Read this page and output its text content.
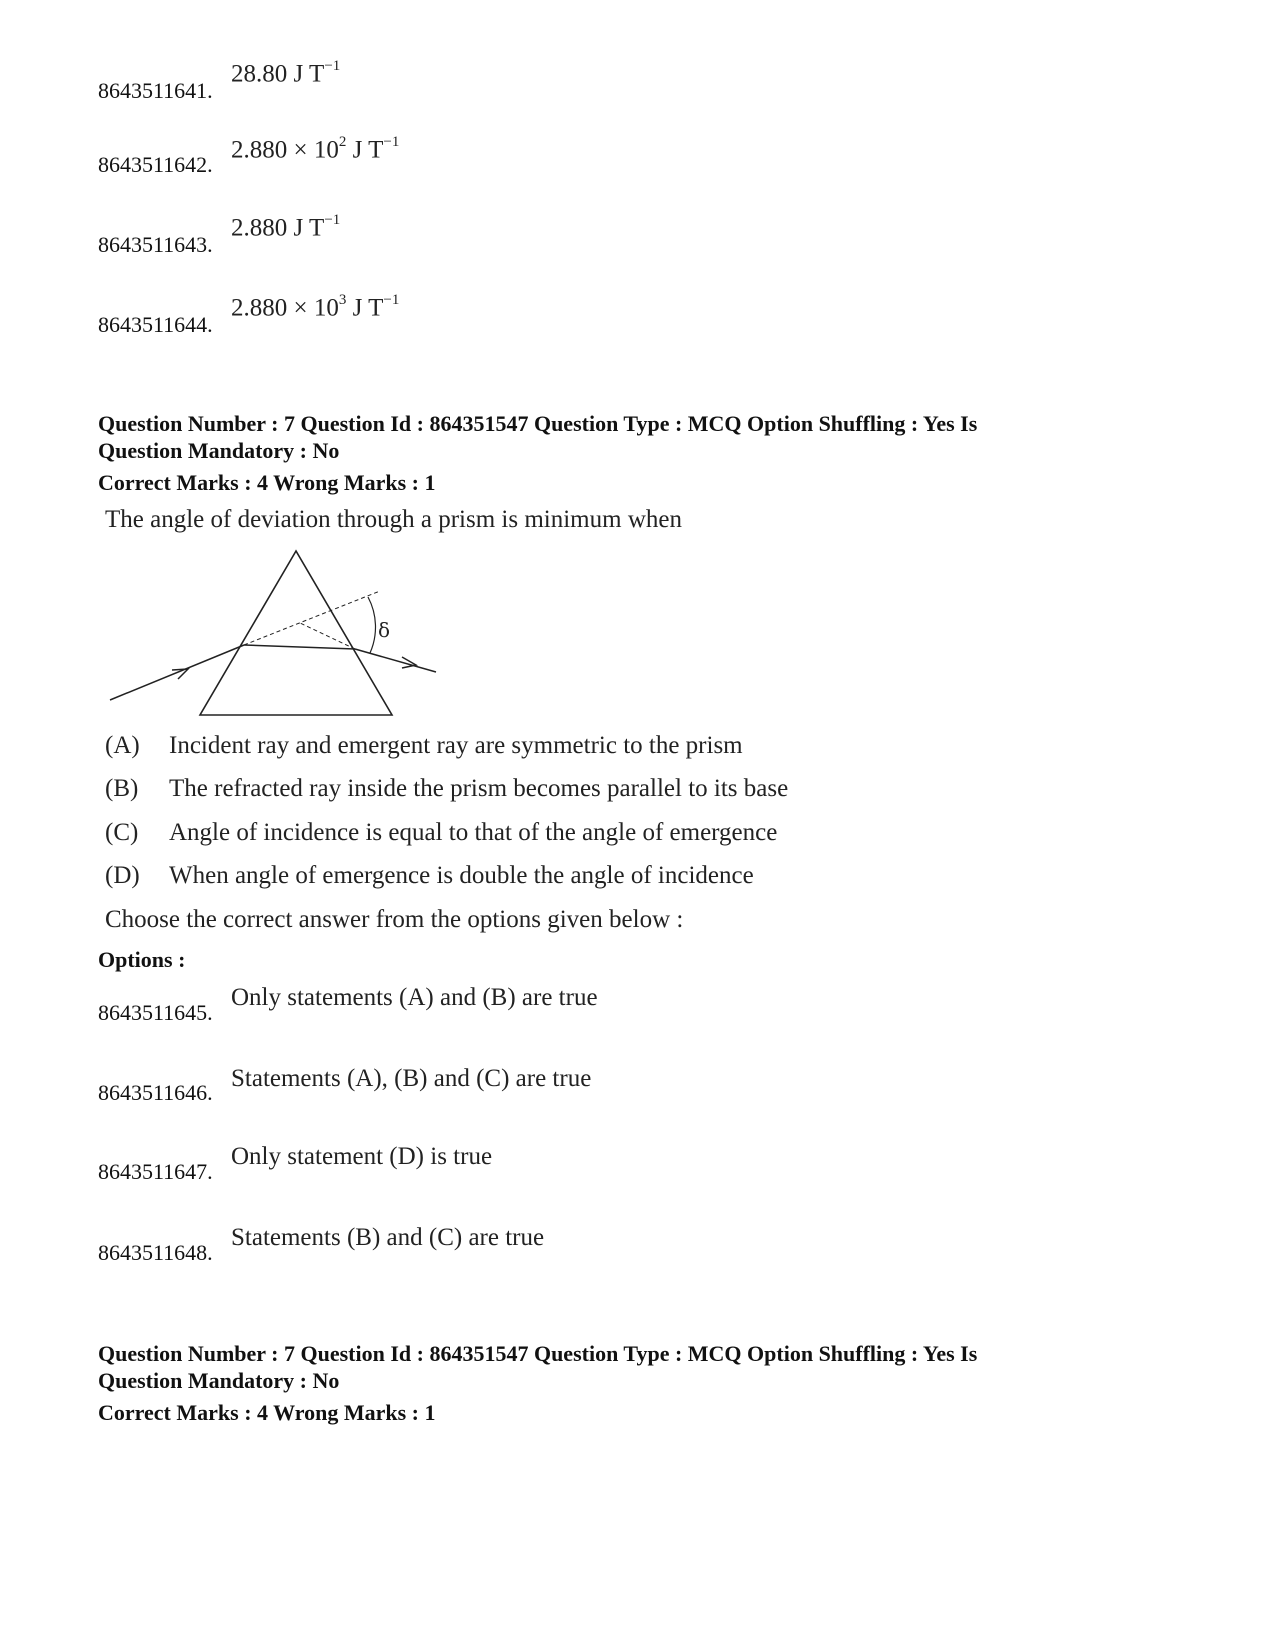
8643511641.
28.80 J $T^{-1}$
8643511642.
$2.880 \times 10^2$ J $T^{-1}$
8643511643.
2.880 J $T^{-1}$
8643511644.
$2.880 \times 10^3$ J $T^{-1}$
Question Number : 7 Question Id : 864351547 Question Type : MCQ Option Shuffling : Yes Is
Question Mandatory : No
Correct Marks : 4 Wrong Marks : 1
The angle of deviation through a prism is minimum when
δ
(A) Incident ray and emergent ray are symmetric to the prism
(B) The refracted ray inside the prism becomes parallel to its base
(C) Angle of incidence is equal to that of the angle of emergence
(D) When angle of emergence is double the angle of incidence
Choose the correct answer from the options given below :
Options :
8643511645.
Only statements (A) and (B) are true
8643511646.
Statements (A), (B) and (C) are true
8643511647.
Only statement (D) is true
8643511648.
Statements (B) and (C) are true
Question Number : 7 Question Id : 864351547 Question Type : MCQ Option Shuffling : Yes Is
Question Mandatory : No
Correct Marks : 4 Wrong Marks : 1
